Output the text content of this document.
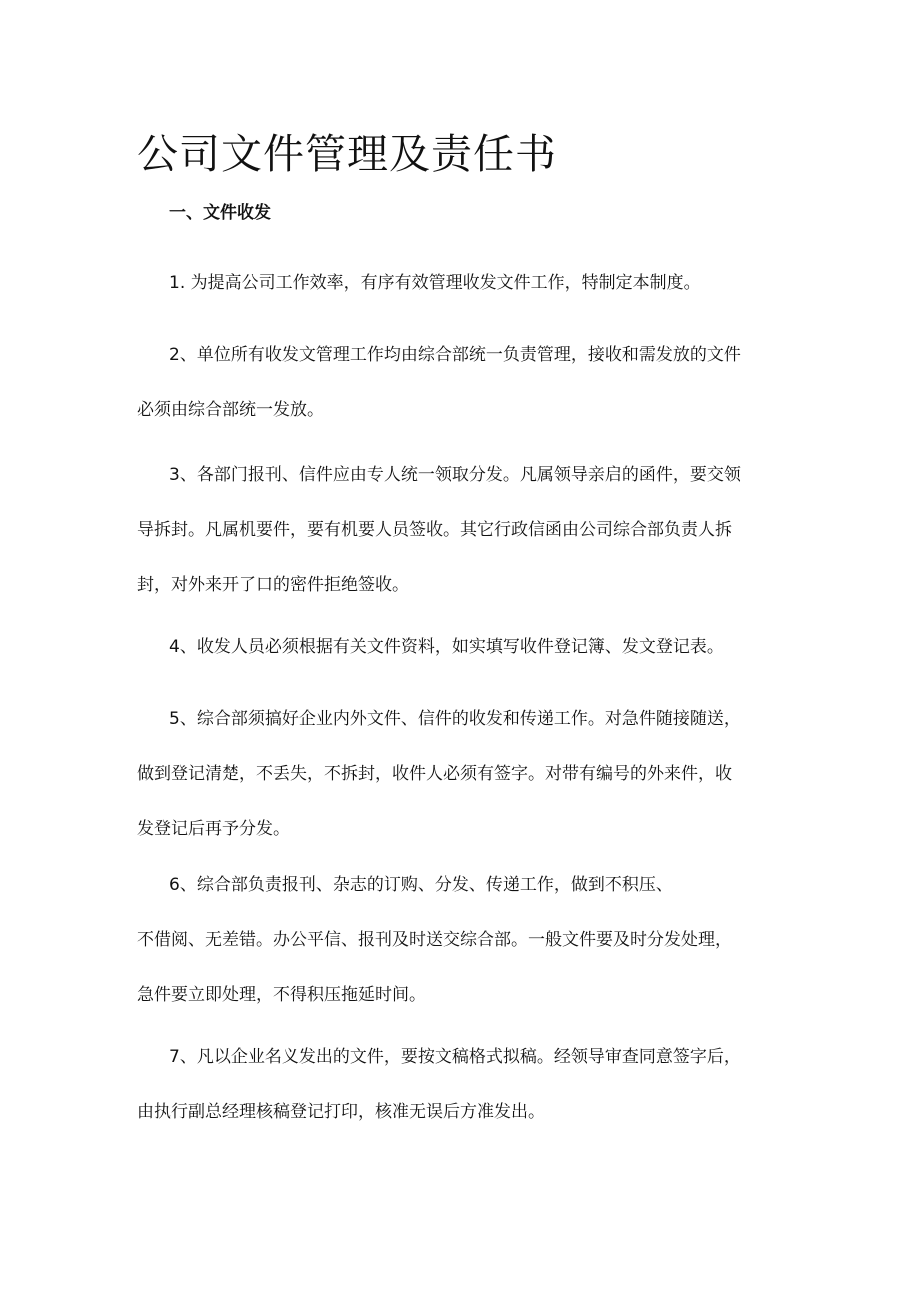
公司文件管理及责任书
一、文件收发

1. 为提高公司工作效率，有序有效管理收发文件工作，特制定本制度。

2、单位所有收发文管理工作均由综合部统一负责管理，接收和需发放的文件
必须由综合部统一发放。

3、各部门报刊、信件应由专人统一领取分发。凡属领导亲启的函件，要交领
导拆封。凡属机要件，要有机要人员签收。其它行政信函由公司综合部负责人拆
封，对外来开了口的密件拒绝签收。

4、收发人员必须根据有关文件资料，如实填写收件登记簿、发文登记表。

5、综合部须搞好企业内外文件、信件的收发和传递工作。对急件随接随送，
做到登记清楚，不丢失，不拆封，收件人必须有签字。对带有编号的外来件，收
发登记后再予分发。

6、综合部负责报刊、杂志的订购、分发、传递工作，做到不积压、
不借阅、无差错。办公平信、报刊及时送交综合部。一般文件要及时分发处理，
急件要立即处理，不得积压拖延时间。

7、凡以企业名义发出的文件，要按文稿格式拟稿。经领导审查同意签字后，
由执行副总经理核稿登记打印，核准无误后方准发出。
